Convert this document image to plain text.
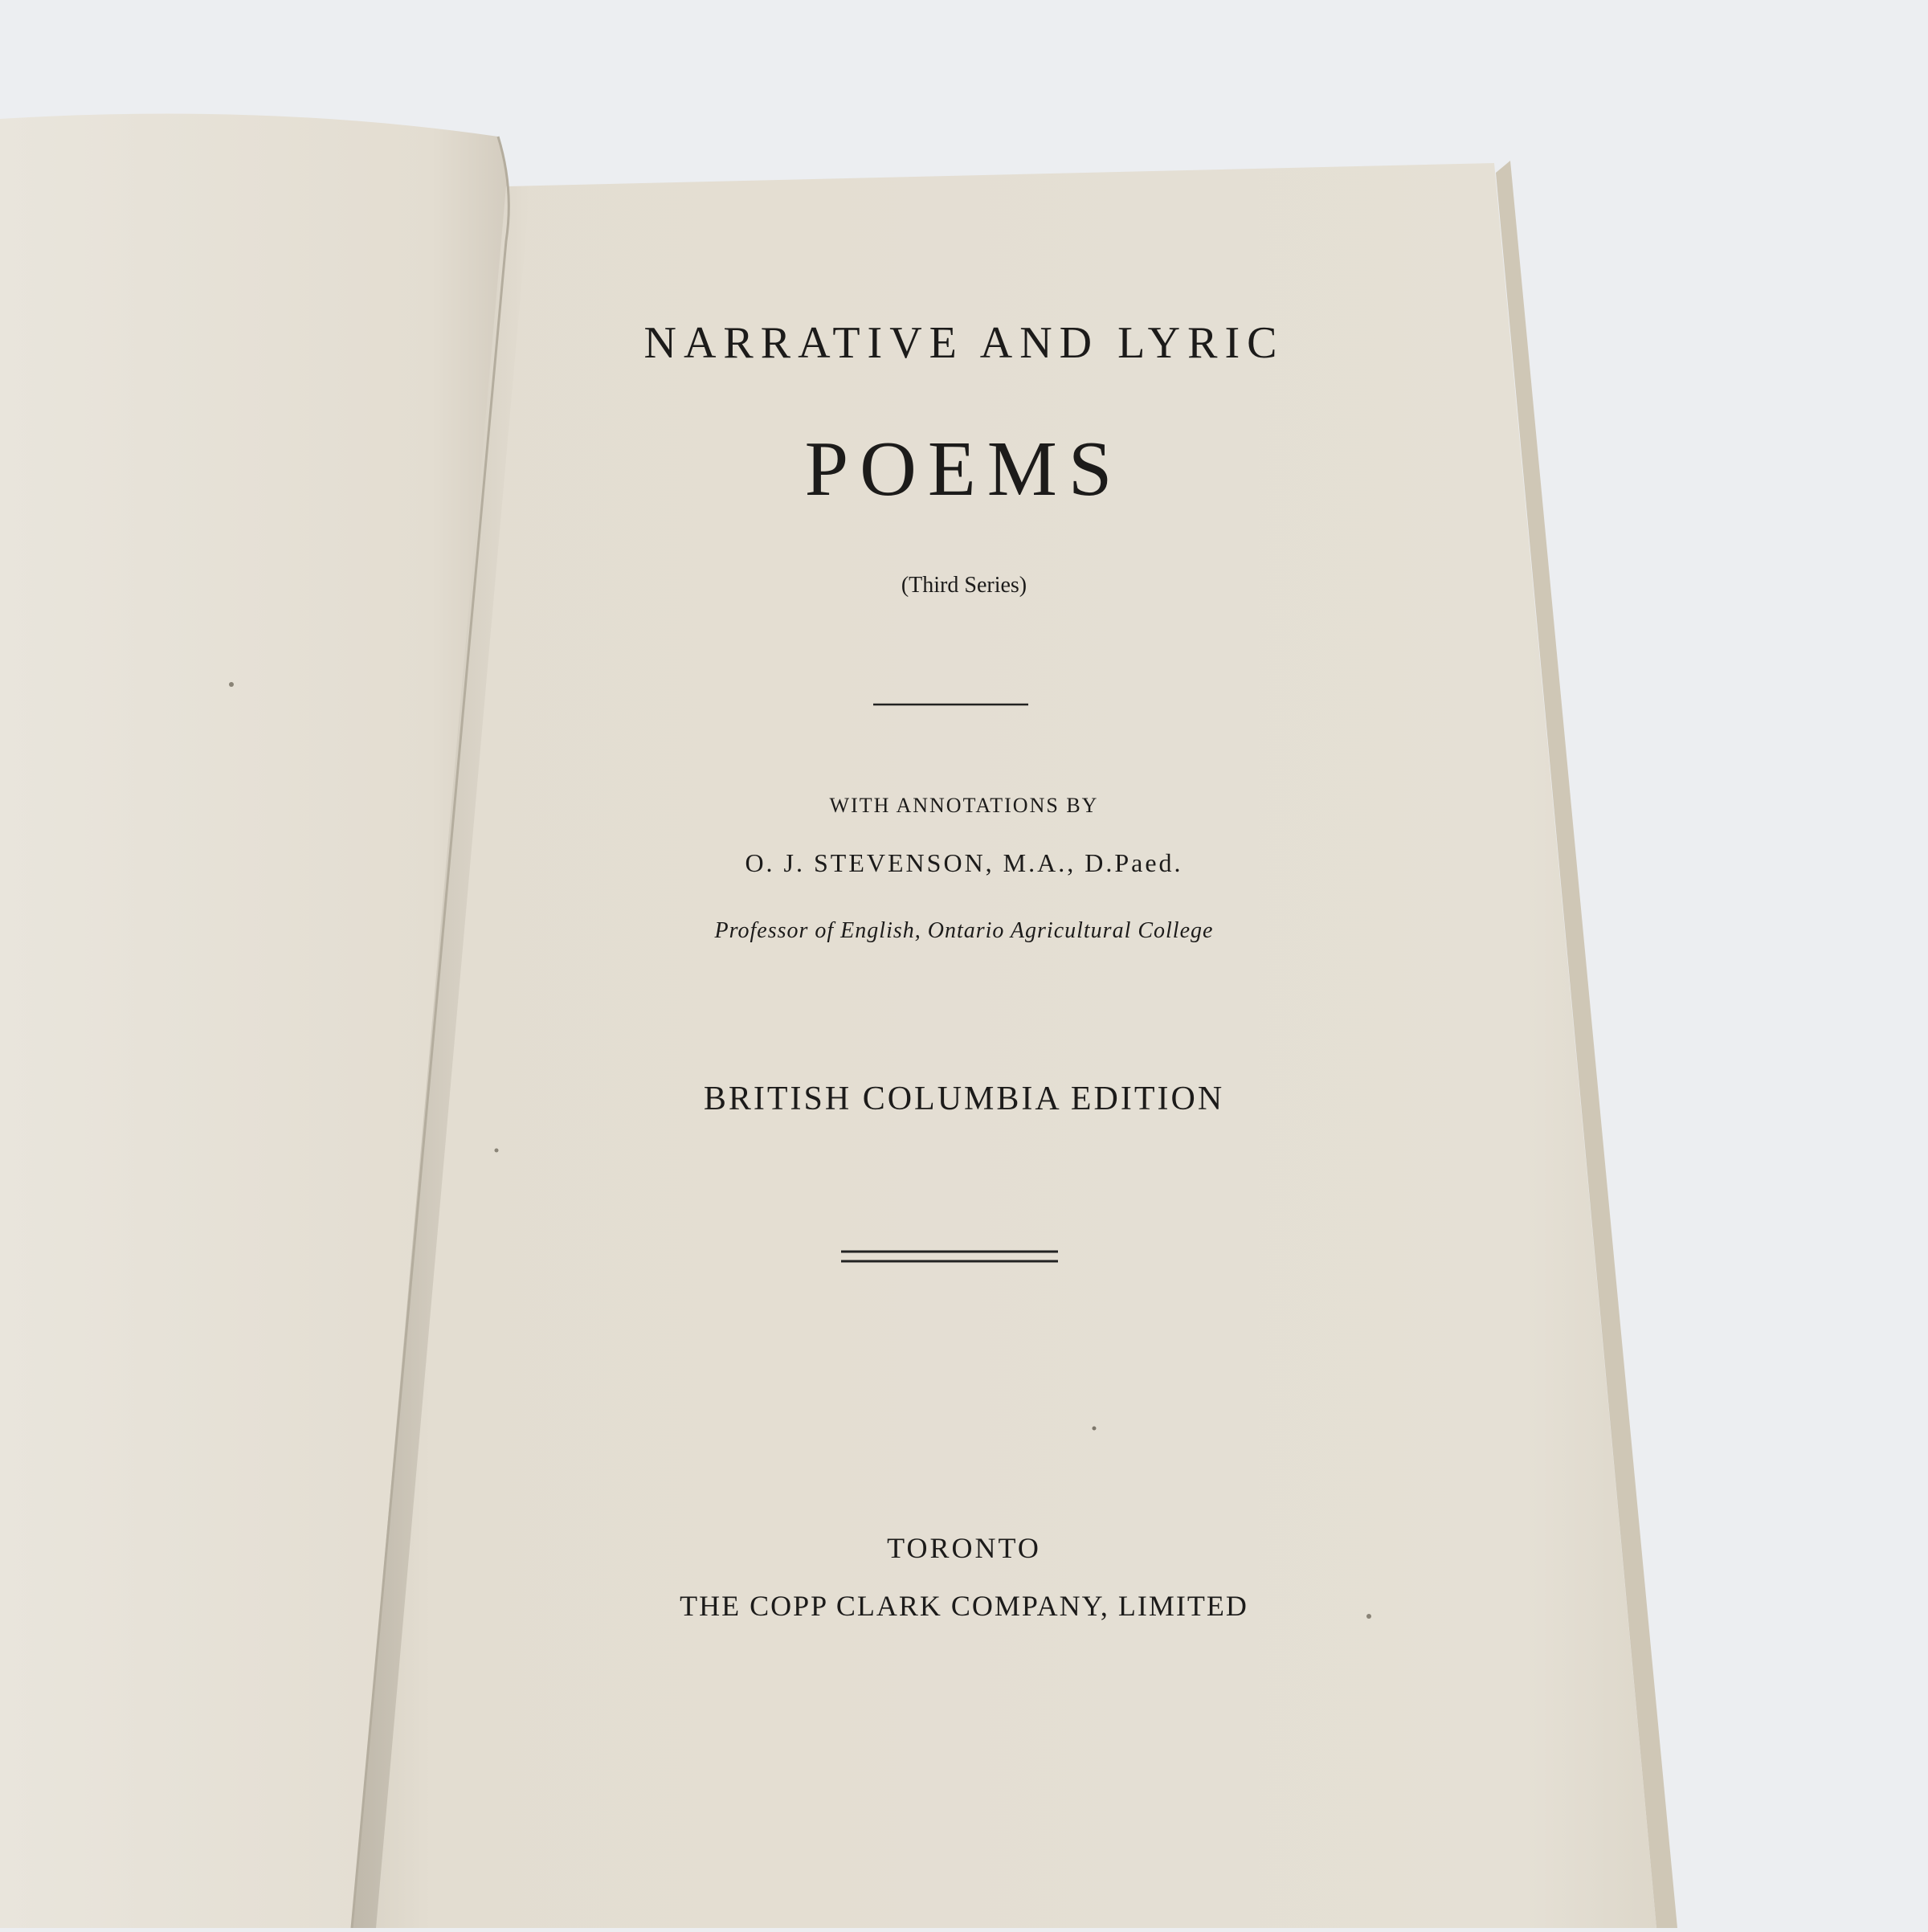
NARRATIVE AND LYRIC
POEMS
(Third Series)
WITH ANNOTATIONS BY
O. J. STEVENSON, M.A., D.Paed.
Professor of English, Ontario Agricultural College
BRITISH COLUMBIA EDITION
TORONTO
THE COPP CLARK COMPANY, LIMITED
